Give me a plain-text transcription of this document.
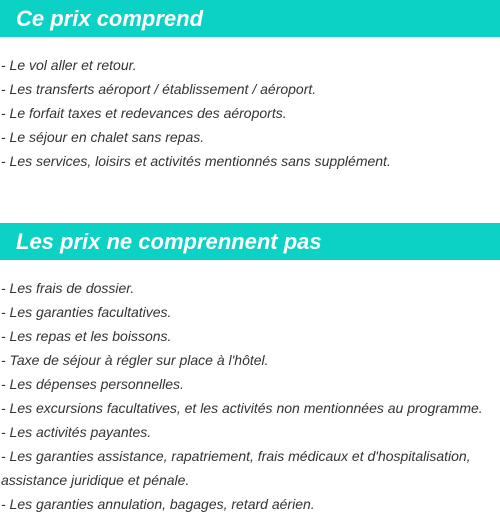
Ce prix comprend
- Le vol aller et retour.
- Les transferts aéroport / établissement / aéroport.
- Le forfait taxes et redevances des aéroports.
- Le séjour en chalet sans repas.
- Les services, loisirs et activités mentionnés sans supplément.
Les prix ne comprennent pas
- Les frais de dossier.
- Les garanties facultatives.
- Les repas et les boissons.
- Taxe de séjour à régler sur place à l'hôtel.
- Les dépenses personnelles.
- Les excursions facultatives, et les activités non mentionnées au programme.
- Les activités payantes.
- Les garanties assistance, rapatriement, frais médicaux et d'hospitalisation, assistance juridique et pénale.
- Les garanties annulation, bagages, retard aérien.
